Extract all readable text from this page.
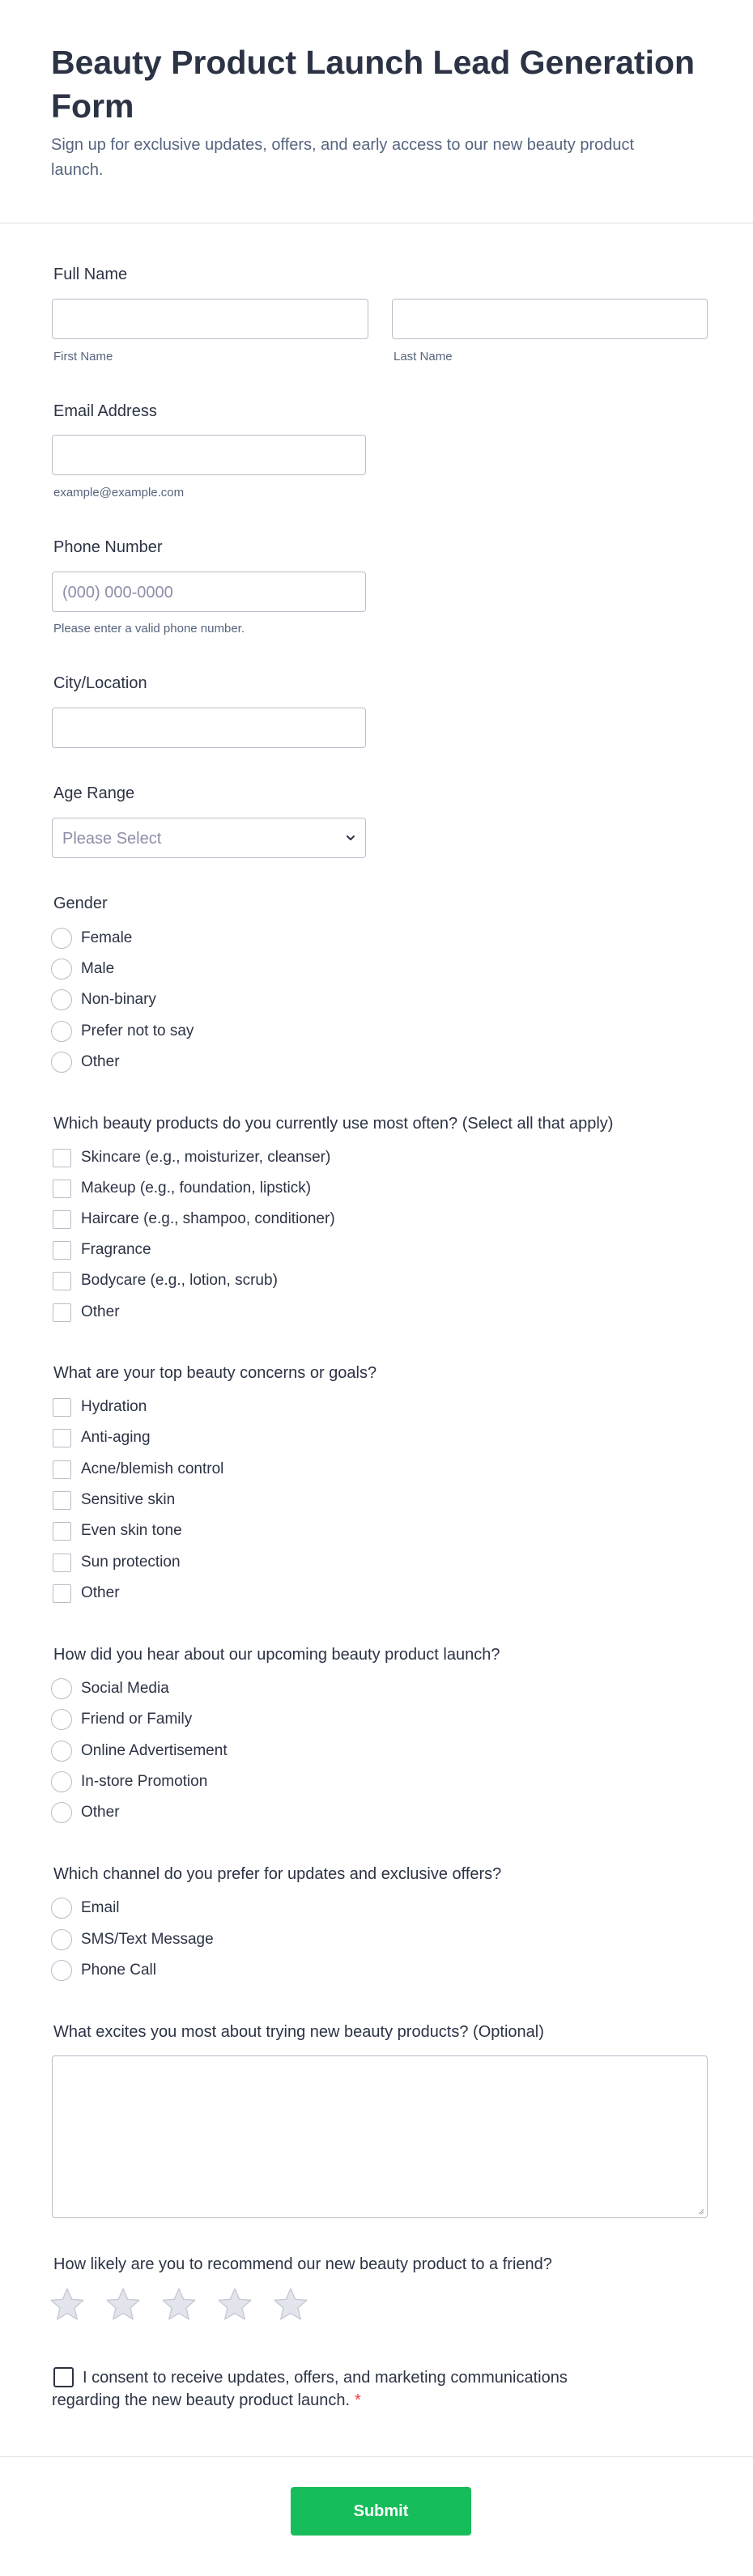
Beauty Product Launch Lead Generation Form
Sign up for exclusive updates, offers, and early access to our new beauty product launch.
Full Name
First Name	Last Name
Email Address
example@example.com
Phone Number
(000) 000-0000
Please enter a valid phone number.
City/Location
Age Range
Please Select
Gender
Female
Male
Non-binary
Prefer not to say
Other
Which beauty products do you currently use most often? (Select all that apply)
Skincare (e.g., moisturizer, cleanser)
Makeup (e.g., foundation, lipstick)
Haircare (e.g., shampoo, conditioner)
Fragrance
Bodycare (e.g., lotion, scrub)
Other
What are your top beauty concerns or goals?
Hydration
Anti-aging
Acne/blemish control
Sensitive skin
Even skin tone
Sun protection
Other
How did you hear about our upcoming beauty product launch?
Social Media
Friend or Family
Online Advertisement
In-store Promotion
Other
Which channel do you prefer for updates and exclusive offers?
Email
SMS/Text Message
Phone Call
What excites you most about trying new beauty products? (Optional)
How likely are you to recommend our new beauty product to a friend?
I consent to receive updates, offers, and marketing communications regarding the new beauty product launch. *
Submit
